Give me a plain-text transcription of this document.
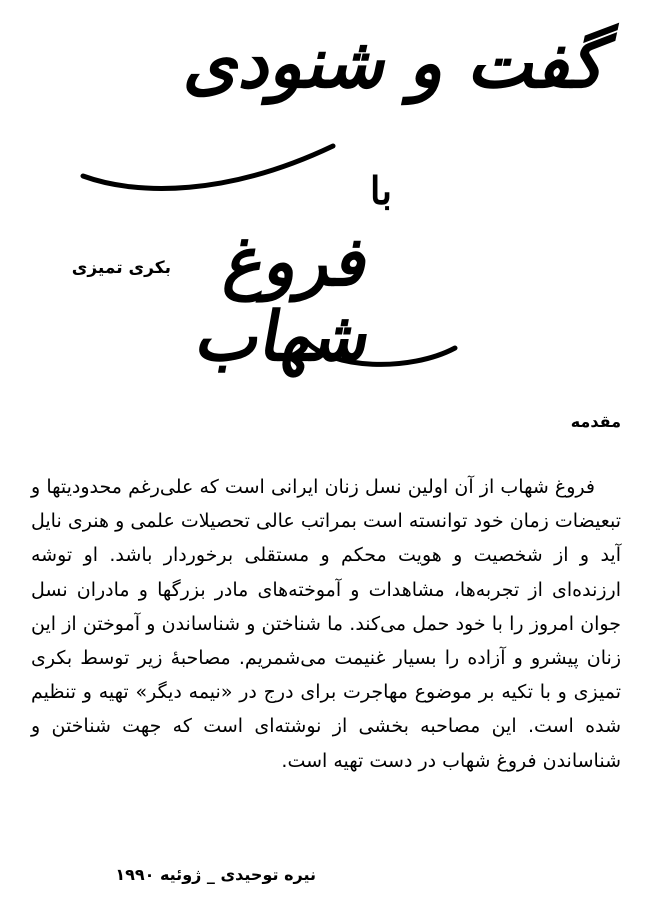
گفت و شنودی
با
فروغ شهاب
بکری تمیزی
مقدمه
فروغ شهاب از آن اولین نسل زنان ایرانی است که علی‌رغم محدودیتها و تبعیضات زمان خود توانسته است بمراتب عالی تحصیلات علمی و هنری نایل آید و از شخصیت و هویت محکم و مستقلی برخوردار باشد. او توشه ارزنده‌ای از تجربه‌ها، مشاهدات و آموخته‌های مادر بزرگها و مادران نسل جوان امروز را با خود حمل می‌کند. ما شناختن و شناساندن و آموختن از این زنان پیشرو و آزاده را بسیار غنیمت می‌شمریم. مصاحبهٔ زیر توسط بکری تمیزی و با تکیه بر موضوع مهاجرت برای درج در «نیمه دیگر» تهیه و تنظیم شده است. این مصاحبه بخشی از نوشته‌ای است که جهت شناختن و شناساندن فروغ شهاب در دست تهیه است.
نیره توحیدی _ ژوئیه ۱۹۹۰
